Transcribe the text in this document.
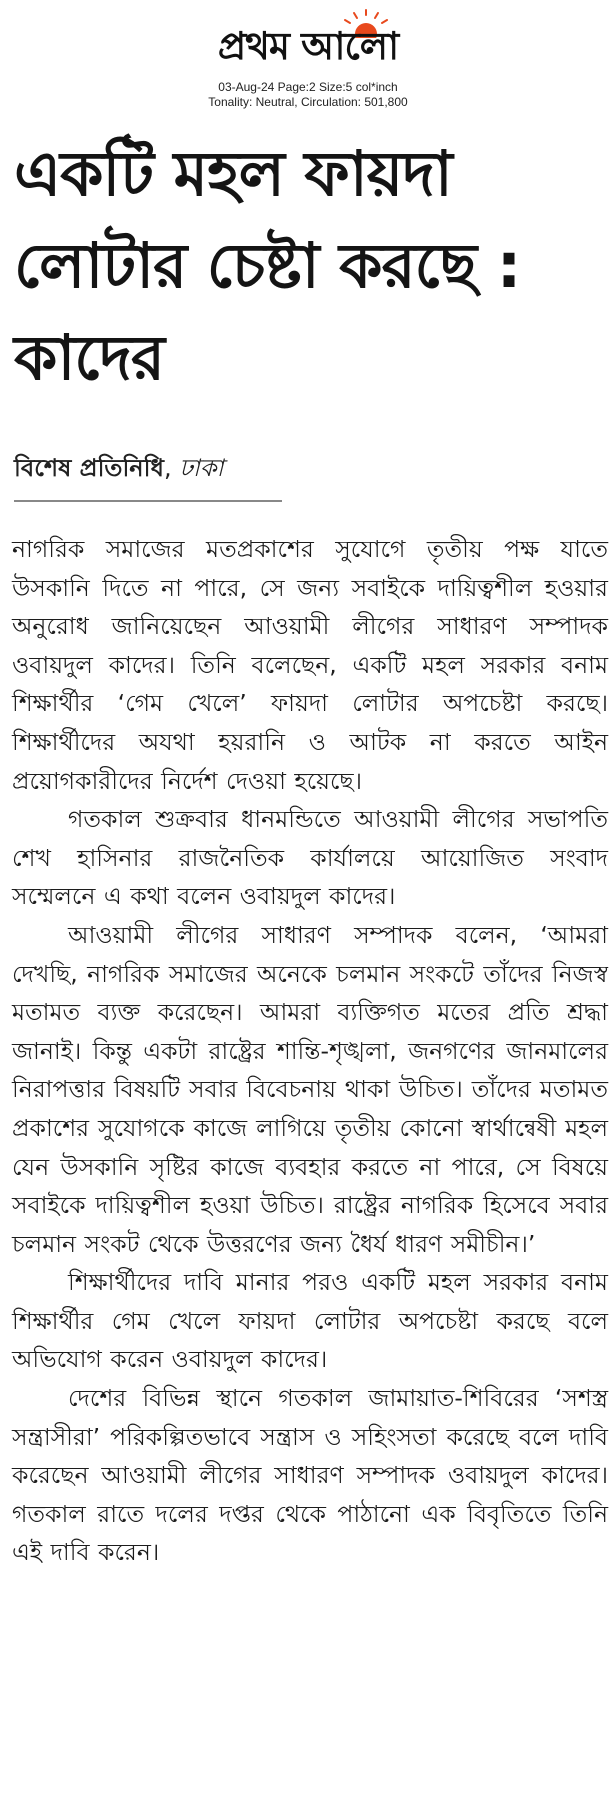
প্রথম আলো
03-Aug-24 Page:2 Size:5 col*inch
Tonality: Neutral, Circulation: 501,800
একটি মহল ফায়দা লোটার চেষ্টা করছে : কাদের
বিশেষ প্রতিনিধি, ঢাকা

নাগরিক সমাজের মতপ্রকাশের সুযোগে তৃতীয় পক্ষ যাতে উসকানি দিতে না পারে, সে জন্য সবাইকে দায়িত্বশীল হওয়ার অনুরোধ জানিয়েছেন আওয়ামী লীগের সাধারণ সম্পাদক ওবায়দুল কাদের। তিনি বলেছেন, একটি মহল সরকার বনাম শিক্ষার্থীর ‘গেম খেলে’ ফায়দা লোটার অপচেষ্টা করছে। শিক্ষার্থীদের অযথা হয়রানি ও আটক না করতে আইন প্রয়োগকারীদের নির্দেশ দেওয়া হয়েছে।

গতকাল শুক্রবার ধানমন্ডিতে আওয়ামী লীগের সভাপতি শেখ হাসিনার রাজনৈতিক কার্যালয়ে আয়োজিত সংবাদ সম্মেলনে এ কথা বলেন ওবায়দুল কাদের।

আওয়ামী লীগের সাধারণ সম্পাদক বলেন, ‘আমরা দেখছি, নাগরিক সমাজের অনেকে চলমান সংকটে তাঁদের নিজস্ব মতামত ব্যক্ত করেছেন। আমরা ব্যক্তিগত মতের প্রতি শ্রদ্ধা জানাই। কিন্তু একটা রাষ্ট্রের শান্তি-শৃঙ্খলা, জনগণের জানমালের নিরাপত্তার বিষয়টি সবার বিবেচনায় থাকা উচিত। তাঁদের মতামত প্রকাশের সুযোগকে কাজে লাগিয়ে তৃতীয় কোনো স্বার্থান্বেষী মহল যেন উসকানি সৃষ্টির কাজে ব্যবহার করতে না পারে, সে বিষয়ে সবাইকে দায়িত্বশীল হওয়া উচিত। রাষ্ট্রের নাগরিক হিসেবে সবার চলমান সংকট থেকে উত্তরণের জন্য ধৈর্য ধারণ সমীচীন।’

শিক্ষার্থীদের দাবি মানার পরও একটি মহল সরকার বনাম শিক্ষার্থীর গেম খেলে ফায়দা লোটার অপচেষ্টা করছে বলে অভিযোগ করেন ওবায়দুল কাদের।

দেশের বিভিন্ন স্থানে গতকাল জামায়াত-শিবিরের ‘সশস্ত্র সন্ত্রাসীরা’ পরিকল্পিতভাবে সন্ত্রাস ও সহিংসতা করেছে বলে দাবি করেছেন আওয়ামী লীগের সাধারণ সম্পাদক ওবায়দুল কাদের। গতকাল রাতে দলের দপ্তর থেকে পাঠানো এক বিবৃতিতে তিনি এই দাবি করেন।
